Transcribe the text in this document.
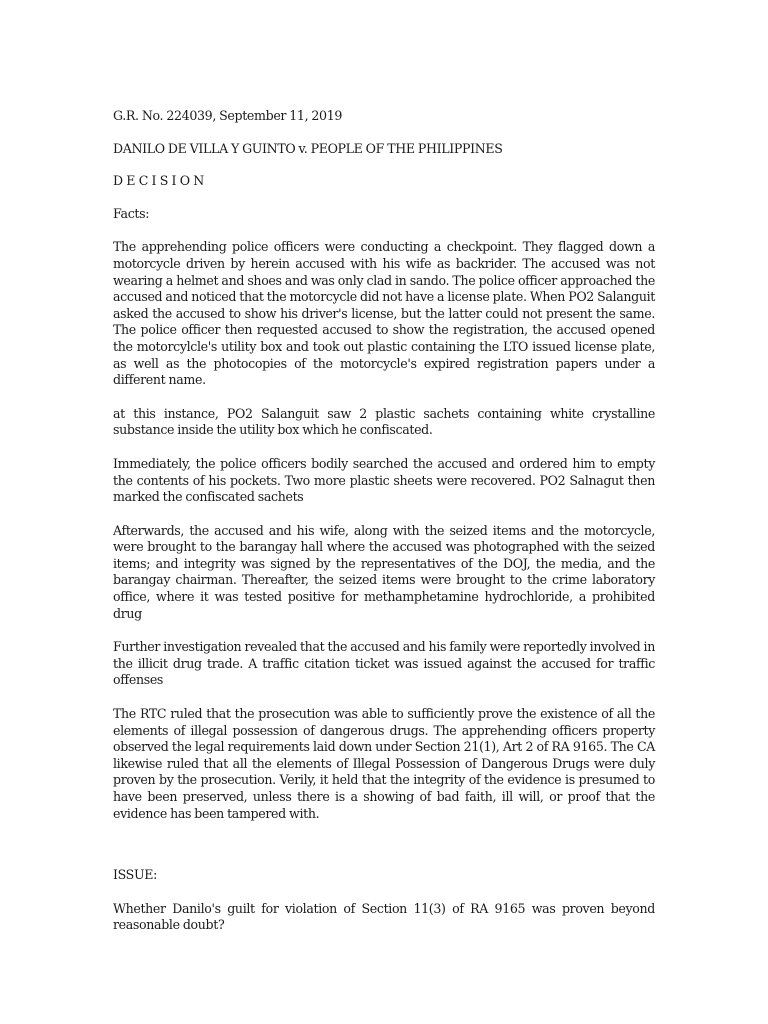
G.R. No. 224039, September 11, 2019

DANILO DE VILLA Y GUINTO v. PEOPLE OF THE PHILIPPINES

DECISION

Facts:

The apprehending police officers were conducting a checkpoint. They flagged down a motorcycle driven by herein accused with his wife as backrider. The accused was not wearing a helmet and shoes and was only clad in sando. The police officer approached the accused and noticed that the motorcycle did not have a license plate. When PO2 Salanguit asked the accused to show his driver's license, but the latter could not present the same. The police officer then requested accused to show the registration, the accused opened the motorcylcle's utility box and took out plastic containing the LTO issued license plate, as well as the photocopies of the motorcycle's expired registration papers under a different name.

at this instance, PO2 Salanguit saw 2 plastic sachets containing white crystalline substance inside the utility box which he confiscated.

Immediately, the police officers bodily searched the accused and ordered him to empty the contents of his pockets. Two more plastic sheets were recovered. PO2 Salnagut then marked the confiscated sachets

Afterwards, the accused and his wife, along with the seized items and the motorcycle, were brought to the barangay hall where the accused was photographed with the seized items; and integrity was signed by the representatives of the DOJ, the media, and the barangay chairman. Thereafter, the seized items were brought to the crime laboratory office, where it was tested positive for methamphetamine hydrochloride, a prohibited drug

Further investigation revealed that the accused and his family were reportedly involved in the illicit drug trade. A traffic citation ticket was issued against the accused for traffic offenses

The RTC ruled that the prosecution was able to sufficiently prove the existence of all the elements of illegal possession of dangerous drugs. The apprehending officers property observed the legal requirements laid down under Section 21(1), Art 2 of RA 9165. The CA likewise ruled that all the elements of Illegal Possession of Dangerous Drugs were duly proven by the prosecution. Verily, it held that the integrity of the evidence is presumed to have been preserved, unless there is a showing of bad faith, ill will, or proof that the evidence has been tampered with.

ISSUE:

Whether Danilo's guilt for violation of Section 11(3) of RA 9165 was proven beyond reasonable doubt?
